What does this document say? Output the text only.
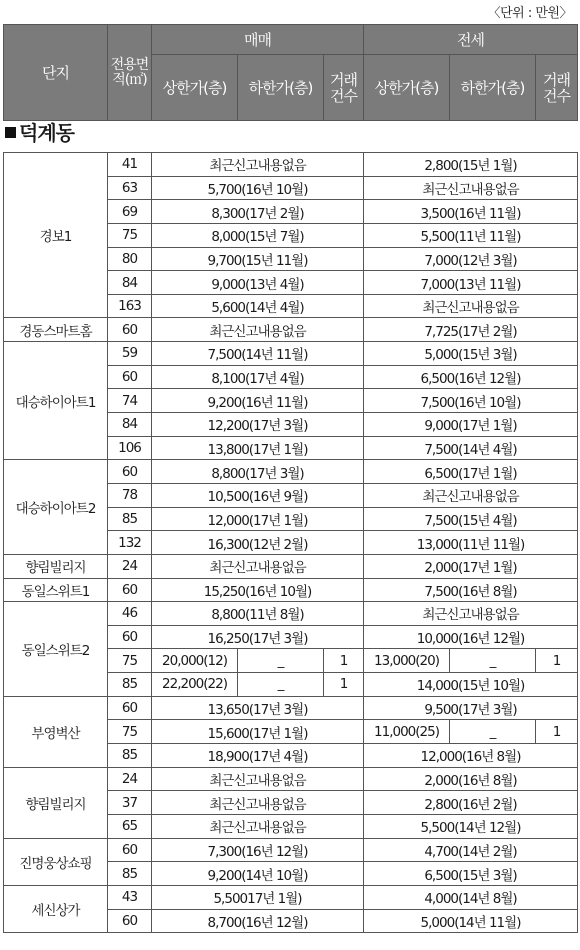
〈단위 : 만원〉
단지	전용면적(㎡)	매매			전세		
		상한가(층)	하한가(층)	거래건수	상한가(층)	하한가(층)	거래건수
덕계동
경보1	41	최근신고내용없음			2,800(15년 1월)		
	63	5,700(16년 10월)			최근신고내용없음		
	69	8,300(17년 2월)			3,500(16년 11월)		
	75	8,000(15년 7월)			5,500(11년 11월)		
	80	9,700(15년 11월)			7,000(12년 3월)		
	84	9,000(13년 4월)			7,000(13년 11월)		
	163	5,600(14년 4월)			최근신고내용없음		
경동스마트홈	60	최근신고내용없음			7,725(17년 2월)		
대승하이아트1	59	7,500(14년 11월)			5,000(15년 3월)		
	60	8,100(17년 4월)			6,500(16년 12월)		
	74	9,200(16년 11월)			7,500(16년 10월)		
	84	12,200(17년 3월)			9,000(17년 1월)		
	106	13,800(17년 1월)			7,500(14년 4월)		
대승하이아트2	60	8,800(17년 3월)			6,500(17년 1월)		
	78	10,500(16년 9월)			최근신고내용없음		
	85	12,000(17년 1월)			7,500(15년 4월)		
	132	16,300(12년 2월)			13,000(11년 11월)		
향림빌리지	24	최근신고내용없음			2,000(17년 1월)		
동일스위트1	60	15,250(16년 10월)			7,500(16년 8월)		
동일스위트2	46	8,800(11년 8월)			최근신고내용없음		
	60	16,250(17년 3월)			10,000(16년 12월)		
	75	20,000(12)	_	1	13,000(20)	_	1
	85	22,200(22)	_	1	14,000(15년 10월)		
부영벽산	60	13,650(17년 3월)			9,500(17년 3월)		
	75	15,600(17년 1월)			11,000(25)	_	1
	85	18,900(17년 4월)			12,000(16년 8월)		
향림빌리지	24	최근신고내용없음			2,000(16년 8월)		
	37	최근신고내용없음			2,800(16년 2월)		
	65	최근신고내용없음			5,500(14년 12월)		
진명웅상쇼핑	60	7,300(16년 12월)			4,700(14년 2월)		
	85	9,200(14년 10월)			6,500(15년 3월)		
세신상가	43	5,50017년 1월)			4,000(14년 8월)		
	60	8,700(16년 12월)			5,000(14년 11월)		
